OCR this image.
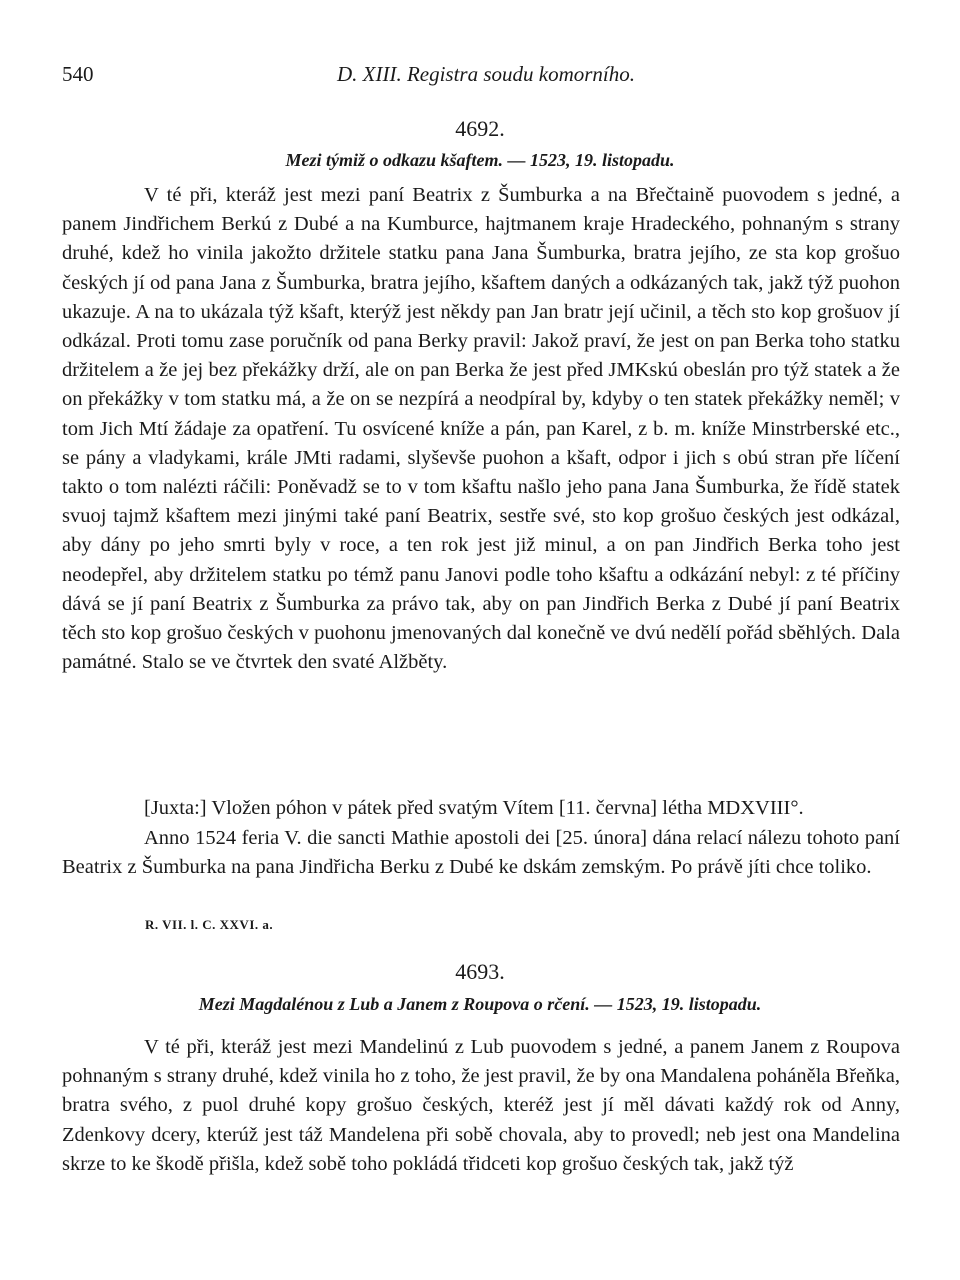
540	D. XIII. Registra soudu komorního.
4692.
Mezi týmiž o odkazu kšaftem. — 1523, 19. listopadu.

V té při, kteráž jest mezi paní Beatrix z Šumburka a na Břečtaině puovodem s jedné, a panem Jindřichem Berkú z Dubé a na Kumburce, hajtmanem kraje Hradeckého, pohnaným s strany druhé, kdež ho vinila jakožto držitele statku pana Jana Šumburka, bratra jejího, ze sta kop grošuo českých jí od pana Jana z Šumburka, bratra jejího, kšaftem daných a odkázaných tak, jakž týž puohon ukazuje. A na to ukázala týž kšaft, kterýž jest někdy pan Jan bratr její učinil, a těch sto kop grošuov jí odkázal. Proti tomu zase poručník od pana Berky pravil: Jakož praví, že jest on pan Berka toho statku držitelem a že jej bez překážky drží, ale on pan Berka že jest před JMKskú obeslán pro týž statek a že on překážky v tom statku má, a že on se nezpírá a neodpíral by, kdyby o ten statek překážky neměl; v tom Jich Mtí žádaje za opatření. Tu osvícené kníže a pán, pan Karel, z b. m. kníže Minstrberské etc., se pány a vladykami, krále JMti radami, slyševše puohon a kšaft, odpor i jich s obú stran pře líčení takto o tom nalézti ráčili: Poněvadž se to v tom kšaftu našlo jeho pana Jana Šumburka, že řídě statek svuoj tajmž kšaftem mezi jinými také paní Beatrix, sestře své, sto kop grošuo českých jest odkázal, aby dány po jeho smrti byly v roce, a ten rok jest již minul, a on pan Jindřich Berka toho jest neodepřel, aby držitelem statku po témž panu Janovi podle toho kšaftu a odkázání nebyl: z té příčiny dává se jí paní Beatrix z Šumburka za právo tak, aby on pan Jindřich Berka z Dubé jí paní Beatrix těch sto kop grošuo českých v puohonu jmenovaných dal konečně ve dvú nedělí pořád sběhlých. Dala památné. Stalo se ve čtvrtek den svaté Alžběty.

[Juxta:] Vložen póhon v pátek před svatým Vítem [11. června] létha MDXVIII°.

Anno 1524 feria V. die sancti Mathie apostoli dei [25. února] dána relací nálezu tohoto paní Beatrix z Šumburka na pana Jindřicha Berku z Dubé ke dskám zemským. Po právě jíti chce toliko.

R. VII. l. C. XXVI. a.
4693.
Mezi Magdalénou z Lub a Janem z Roupova o rčení. — 1523, 19. listopadu.

V té při, kteráž jest mezi Mandelinú z Lub puovodem s jedné, a panem Janem z Roupova pohnaným s strany druhé, kdež vinila ho z toho, že jest pravil, že by ona Mandalena poháněla Břeňka, bratra svého, z puol druhé kopy grošuo českých, kteréž jest jí měl dávati každý rok od Anny, Zdenkovy dcery, kterúž jest táž Mandelena při sobě chovala, aby to provedl; neb jest ona Mandelina skrze to ke škodě přišla, kdež sobě toho pokládá třidceti kop grošuo českých tak, jakž týž
